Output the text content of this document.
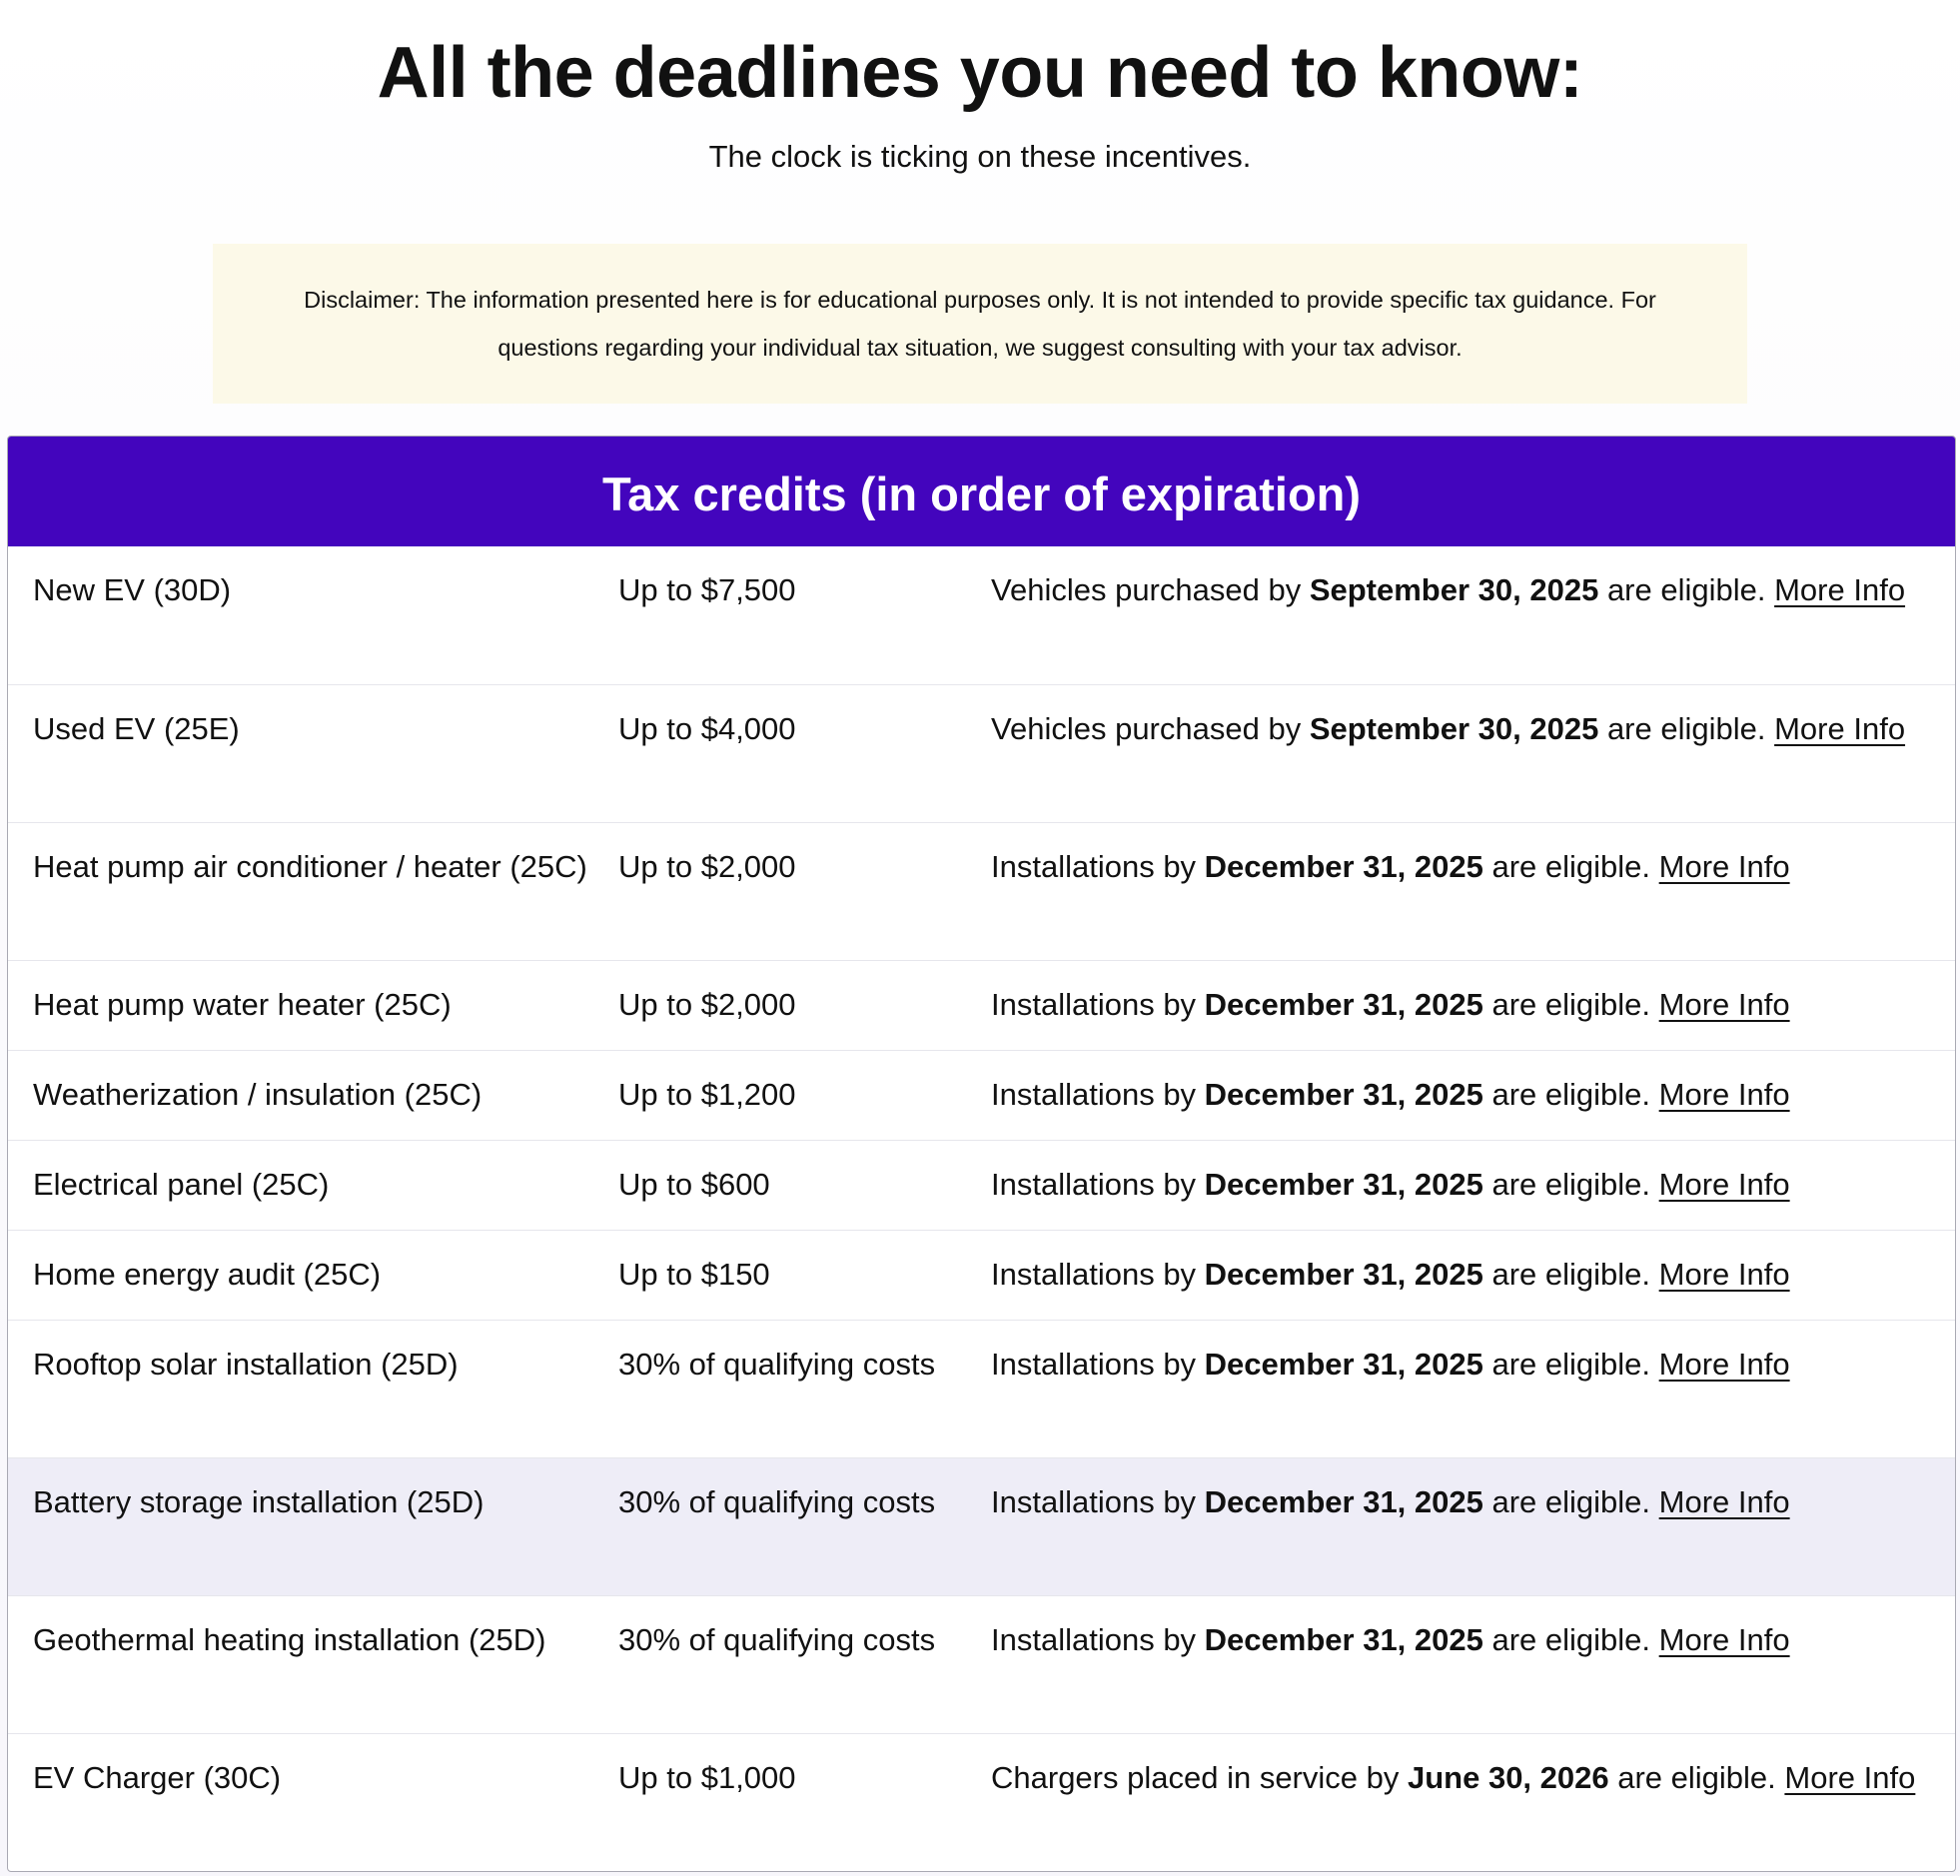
All the deadlines you need to know:

The clock is ticking on these incentives.

Disclaimer: The information presented here is for educational purposes only. It is not intended to provide specific tax guidance. For questions regarding your individual tax situation, we suggest consulting with your tax advisor.

Tax credits (in order of expiration)
New EV (30D)	Up to $7,500	Vehicles purchased by September 30, 2025 are eligible. More Info
Used EV (25E)	Up to $4,000	Vehicles purchased by September 30, 2025 are eligible. More Info
Heat pump air conditioner / heater (25C)	Up to $2,000	Installations by December 31, 2025 are eligible. More Info
Heat pump water heater (25C)	Up to $2,000	Installations by December 31, 2025 are eligible. More Info
Weatherization / insulation (25C)	Up to $1,200	Installations by December 31, 2025 are eligible. More Info
Electrical panel (25C)	Up to $600	Installations by December 31, 2025 are eligible. More Info
Home energy audit (25C)	Up to $150	Installations by December 31, 2025 are eligible. More Info
Rooftop solar installation (25D)	30% of qualifying costs	Installations by December 31, 2025 are eligible. More Info
Battery storage installation (25D)	30% of qualifying costs	Installations by December 31, 2025 are eligible. More Info
Geothermal heating installation (25D)	30% of qualifying costs	Installations by December 31, 2025 are eligible. More Info
EV Charger (30C)	Up to $1,000	Chargers placed in service by June 30, 2026 are eligible. More Info
